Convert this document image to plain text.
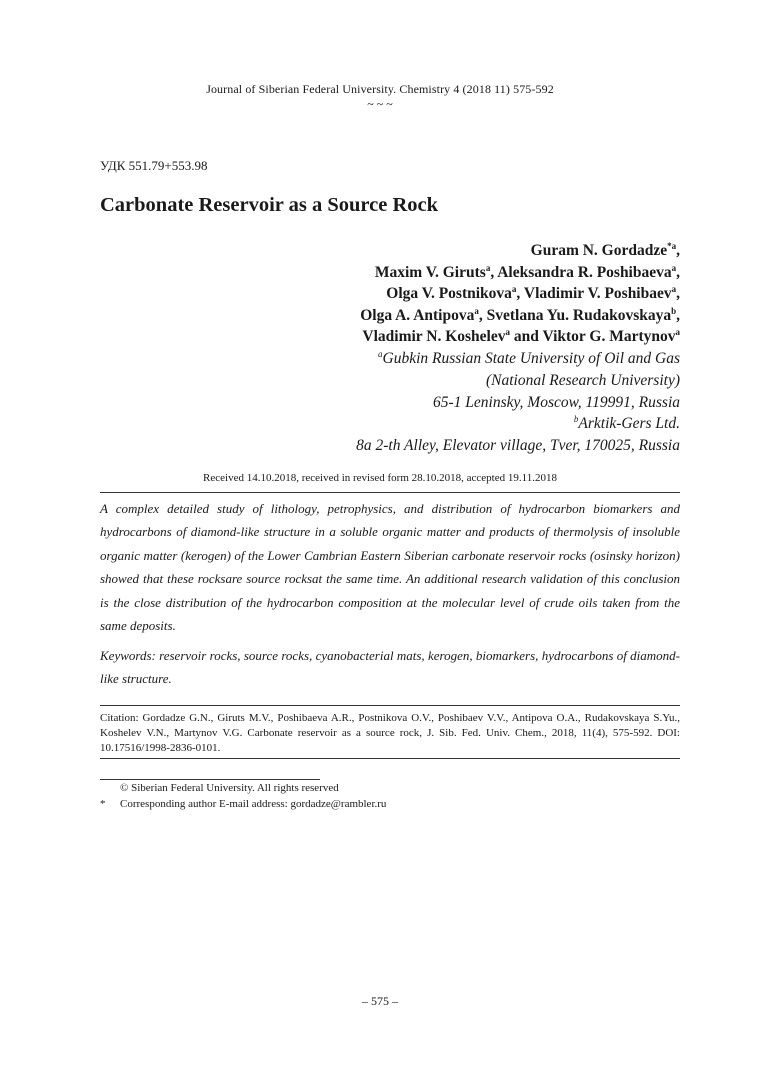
Journal of Siberian Federal University. Chemistry 4 (2018 11) 575-592
~ ~ ~
УДК 551.79+553.98
Carbonate Reservoir as a Source Rock
Guram N. Gordadze$^{*a}$,
Maxim V. Giruts$^a$, Aleksandra R. Poshibaeva$^a$,
Olga V. Postnikova$^a$, Vladimir V. Poshibaev$^a$,
Olga A. Antipova$^a$, Svetlana Yu. Rudakovskaya$^b$,
Vladimir N. Koshelev$^a$ and Viktor G. Martynov$^a$
$^a$Gubkin Russian State University of Oil and Gas
(National Research University)
65-1 Leninsky, Moscow, 119991, Russia
$^b$Arktik-Gers Ltd.
8a 2-th Alley, Elevator village, Tver, 170025, Russia
Received 14.10.2018, received in revised form 28.10.2018, accepted 19.11.2018
A complex detailed study of lithology, petrophysics, and distribution of hydrocarbon biomarkers and hydrocarbons of diamond-like structure in a soluble organic matter and products of thermolysis of insoluble organic matter (kerogen) of the Lower Cambrian Eastern Siberian carbonate reservoir rocks (osinsky horizon) showed that these rocksare source rocksat the same time. An additional research validation of this conclusion is the close distribution of the hydrocarbon composition at the molecular level of crude oils taken from the same deposits.
Keywords: reservoir rocks, source rocks, cyanobacterial mats, kerogen, biomarkers, hydrocarbons of diamond-like structure.
Citation: Gordadze G.N., Giruts M.V., Poshibaeva A.R., Postnikova O.V., Poshibaev V.V., Antipova O.A., Rudakovskaya S.Yu., Koshelev V.N., Martynov V.G. Carbonate reservoir as a source rock, J. Sib. Fed. Univ. Chem., 2018, 11(4), 575-592. DOI: 10.17516/1998-2836-0101.
© Siberian Federal University. All rights reserved
* Corresponding author E-mail address: gordadze@rambler.ru
– 575 –
